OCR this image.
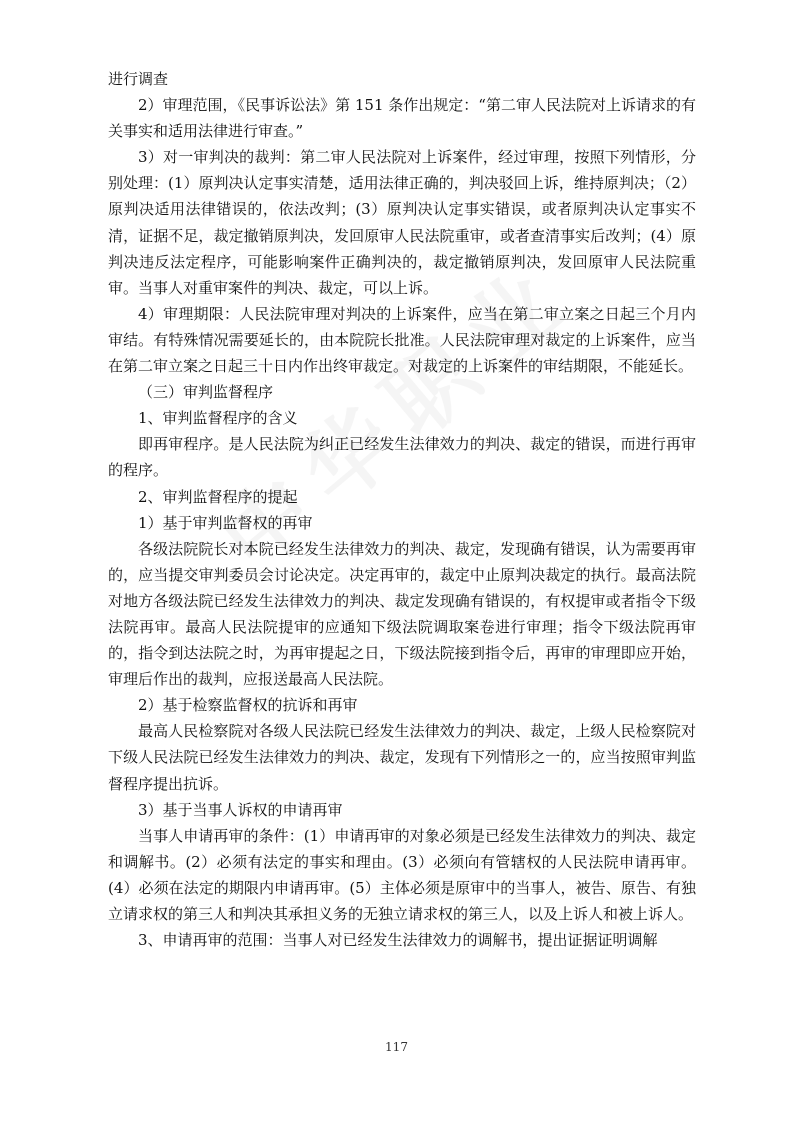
进行调查

2）审理范围，《民事诉讼法》第 151 条作出规定：“第二审人民法院对上诉请求的有关事实和适用法律进行审查。”

3）对一审判决的裁判：第二审人民法院对上诉案件，经过审理，按照下列情形，分别处理：(1）原判决认定事实清楚，适用法律正确的，判决驳回上诉，维持原判决；（2）原判决适用法律错误的，依法改判；(3）原判决认定事实错误，或者原判决认定事实不清，证据不足，裁定撤销原判决，发回原审人民法院重审，或者查清事实后改判；(4）原判决违反法定程序，可能影响案件正确判决的，裁定撤销原判决，发回原审人民法院重审。当事人对重审案件的判决、裁定，可以上诉。

4）审理期限：人民法院审理对判决的上诉案件，应当在第二审立案之日起三个月内审结。有特殊情况需要延长的，由本院院长批准。人民法院审理对裁定的上诉案件，应当在第二审立案之日起三十日内作出终审裁定。对裁定的上诉案件的审结期限，不能延长。

（三）审判监督程序

1、审判监督程序的含义

即再审程序。是人民法院为纠正已经发生法律效力的判决、裁定的错误，而进行再审的程序。

2、审判监督程序的提起

1）基于审判监督权的再审

各级法院院长对本院已经发生法律效力的判决、裁定，发现确有错误，认为需要再审的，应当提交审判委员会讨论决定。决定再审的，裁定中止原判决裁定的执行。最高法院对地方各级法院已经发生法律效力的判决、裁定发现确有错误的，有权提审或者指令下级法院再审。最高人民法院提审的应通知下级法院调取案卷进行审理；指令下级法院再审的，指令到达法院之时，为再审提起之日，下级法院接到指令后，再审的审理即应开始，审理后作出的裁判，应报送最高人民法院。

2）基于检察监督权的抗诉和再审

最高人民检察院对各级人民法院已经发生法律效力的判决、裁定，上级人民检察院对下级人民法院已经发生法律效力的判决、裁定，发现有下列情形之一的，应当按照审判监督程序提出抗诉。

3）基于当事人诉权的申请再审

当事人申请再审的条件：(1）申请再审的对象必须是已经发生法律效力的判决、裁定和调解书。(2）必须有法定的事实和理由。(3）必须向有管辖权的人民法院申请再审。(4）必须在法定的期限内申请再审。(5）主体必须是原审中的当事人，被告、原告、有独立请求权的第三人和判决其承担义务的无独立请求权的第三人，以及上诉人和被上诉人。

3、申请再审的范围：当事人对已经发生法律效力的调解书，提出证据证明调解

117
